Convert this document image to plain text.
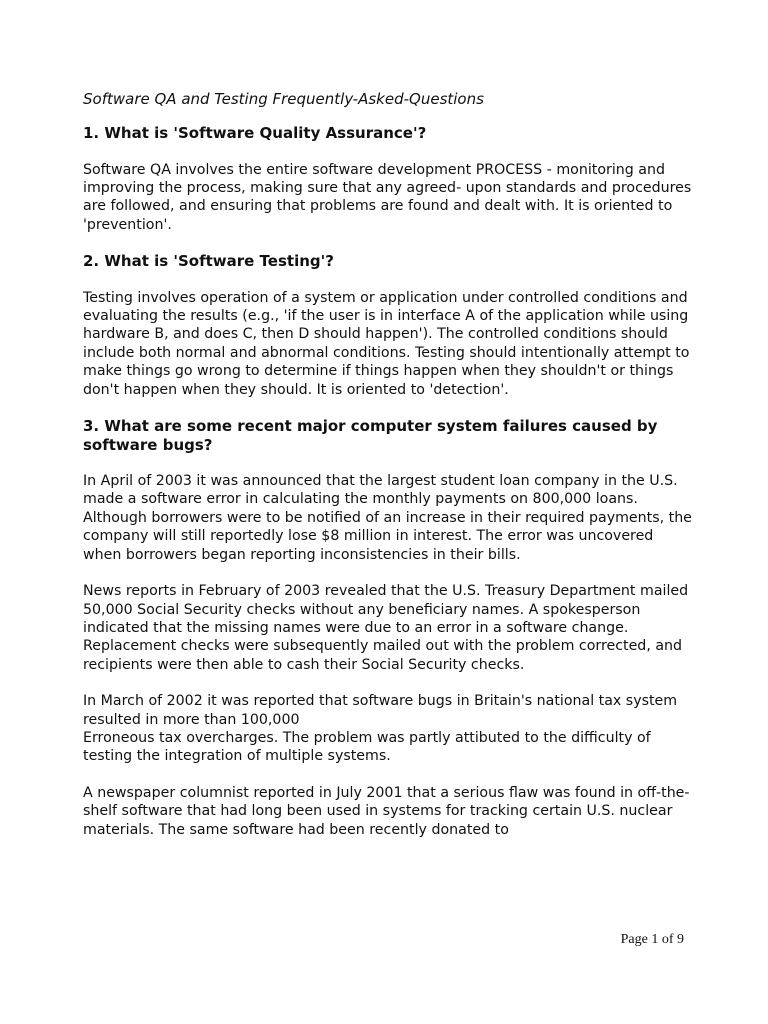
Software QA and Testing Frequently-Asked-Questions
1. What is 'Software Quality Assurance'?

Software QA involves the entire software development PROCESS - monitoring and improving the process, making sure that any agreed- upon standards and procedures are followed, and ensuring that problems are found and dealt with. It is oriented to 'prevention'.

2. What is 'Software Testing'?

Testing involves operation of a system or application under controlled conditions and evaluating the results (e.g., 'if the user is in interface A of the application while using hardware B, and does C, then D should happen'). The controlled conditions should include both normal and abnormal conditions. Testing should intentionally attempt to make things go wrong to determine if things happen when they shouldn't or things don't happen when they should. It is oriented to 'detection'.

3. What are some recent major computer system failures caused by software bugs?

In April of 2003 it was announced that the largest student loan company in the U.S. made a software error in calculating the monthly payments on 800,000 loans. Although borrowers were to be notified of an increase in their required payments, the company will still reportedly lose $8 million in interest. The error was uncovered when borrowers began reporting inconsistencies in their bills.

News reports in February of 2003 revealed that the U.S. Treasury Department mailed 50,000 Social Security checks without any beneficiary names. A spokesperson indicated that the missing names were due to an error in a software change. Replacement checks were subsequently mailed out with the problem corrected, and recipients were then able to cash their Social Security checks.

In March of 2002 it was reported that software bugs in Britain's national tax system resulted in more than 100,000

Erroneous tax overcharges. The problem was partly attibuted to the difficulty of testing the integration of multiple systems.

A newspaper columnist reported in July 2001 that a serious flaw was found in off-the-shelf software that had long been used in systems for tracking certain U.S. nuclear materials. The same software had been recently donated to

Page 1 of 9
